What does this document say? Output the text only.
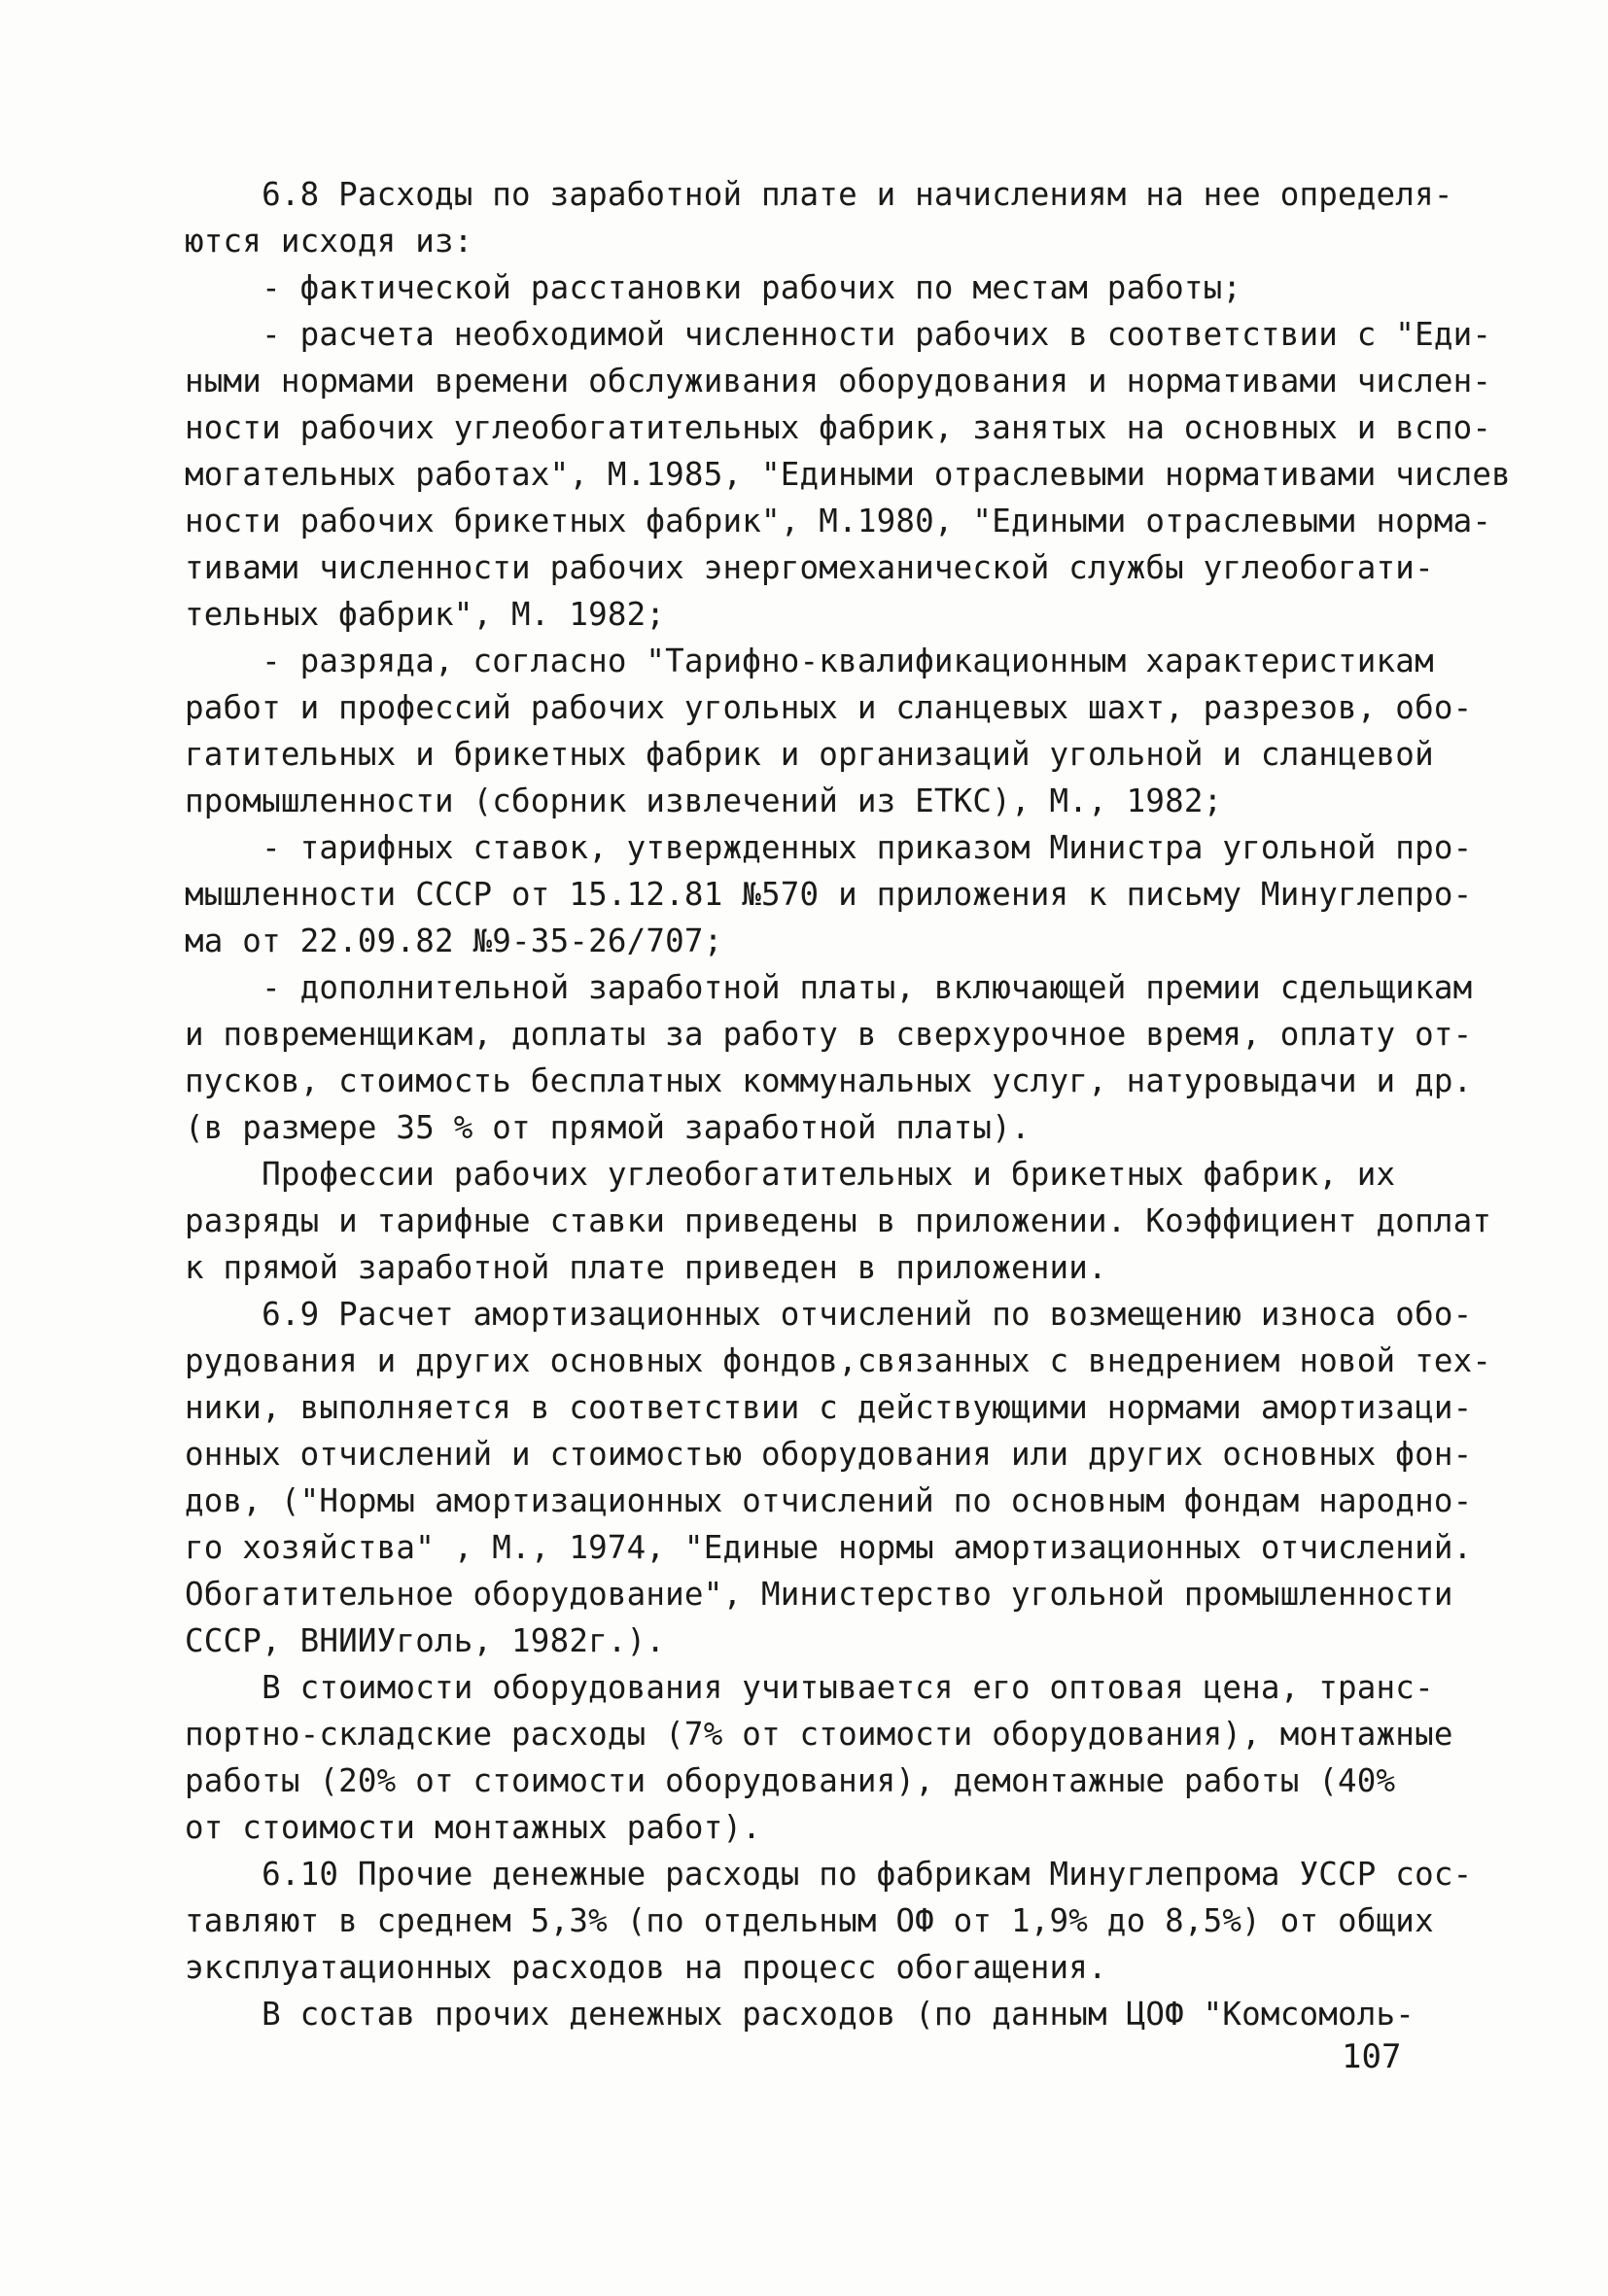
6.8 Расходы по заработной плате и начислениям на нее определя-
ются исходя из:
- фактической расстановки рабочих по местам работы;
- расчета необходимой численности рабочих в соответствии с "Еди-
ными нормами времени обслуживания оборудования и нормативами числен-
ности рабочих углеобогатительных фабрик, занятых на основных и вспо-
могательных работах", М.1985, "Едиными отраслевыми нормативами числев
ности рабочих брикетных фабрик", М.1980, "Едиными отраслевыми норма-
тивами численности рабочих энергомеханической службы углеобогати-
тельных фабрик", М. 1982;
- разряда, согласно "Тарифно-квалификационным характеристикам
работ и профессий рабочих угольных и сланцевых шахт, разрезов, обо-
гатительных и брикетных фабрик и организаций угольной и сланцевой
промышленности (сборник извлечений из ЕТКС), М., 1982;
- тарифных ставок, утвержденных приказом Министра угольной про-
мышленности СССР от 15.12.81 №570 и приложения к письму Минуглепро-
ма от 22.09.82 №9-35-26/707;
- дополнительной заработной платы, включающей премии сдельщикам
и повременщикам, доплаты за работу в сверхурочное время, оплату от-
пусков, стоимость бесплатных коммунальных услуг, натуровыдачи и др.
(в размере 35 % от прямой заработной платы).
Профессии рабочих углеобогатительных и брикетных фабрик, их
разряды и тарифные ставки приведены в приложении. Коэффициент доплат
к прямой заработной плате приведен в приложении.
6.9 Расчет амортизационных отчислений по возмещению износа обо-
рудования и других основных фондов,связанных с внедрением новой тех-
ники, выполняется в соответствии с действующими нормами амортизаци-
онных отчислений и стоимостью оборудования или других основных фон-
дов, ("Нормы амортизационных отчислений по основным фондам народно-
го хозяйства" , М., 1974, "Единые нормы амортизационных отчислений.
Обогатительное оборудование", Министерство угольной промышленности
СССР, ВНИИУголь, 1982г.).
В стоимости оборудования учитывается его оптовая цена, транс-
портно-складские расходы (7% от стоимости оборудования), монтажные
работы (20% от стоимости оборудования), демонтажные работы (40%
от стоимости монтажных работ).
6.10 Прочие денежные расходы по фабрикам Минуглепрома УССР сос-
тавляют в среднем 5,3% (по отдельным ОФ от 1,9% до 8,5%) от общих
эксплуатационных расходов на процесс обогащения.
В состав прочих денежных расходов (по данным ЦОФ "Комсомоль-
107
